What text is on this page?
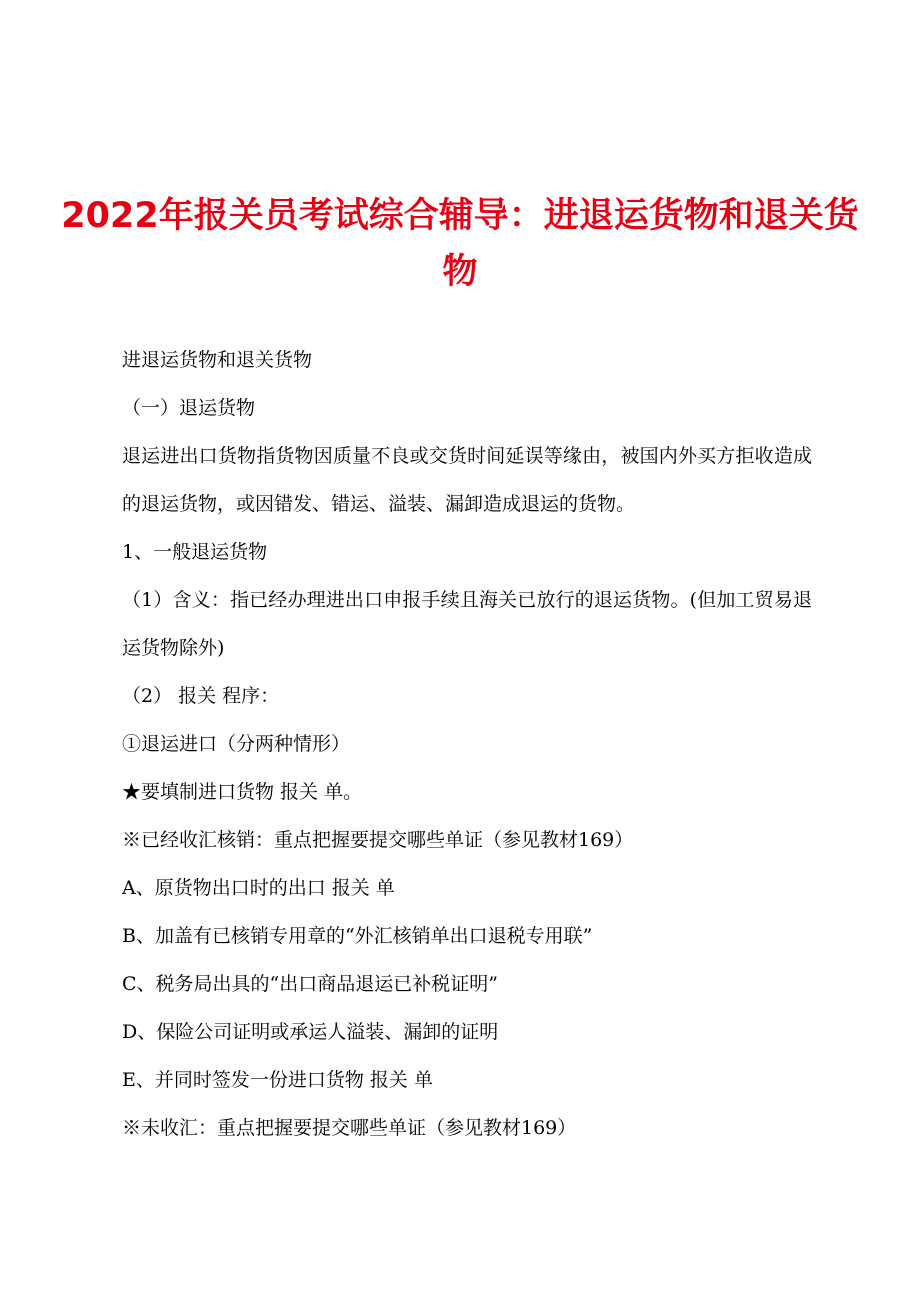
2022年报关员考试综合辅导：进退运货物和退关货物

进退运货物和退关货物

（一）退运货物

退运进出口货物指货物因质量不良或交货时间延误等缘由，被国内外买方拒收造成的退运货物，或因错发、错运、溢装、漏卸造成退运的货物。

1、一般退运货物

（1）含义：指已经办理进出口申报手续且海关已放行的退运货物。(但加工贸易退运货物除外)

（2） 报关 程序：

①退运进口（分两种情形）

★要填制进口货物 报关 单。

※已经收汇核销：重点把握要提交哪些单证（参见教材169）

A、原货物出口时的出口 报关 单

B、加盖有已核销专用章的“外汇核销单出口退税专用联”

C、税务局出具的“出口商品退运已补税证明”

D、保险公司证明或承运人溢装、漏卸的证明

E、并同时签发一份进口货物 报关 单

※未收汇：重点把握要提交哪些单证（参见教材169）
